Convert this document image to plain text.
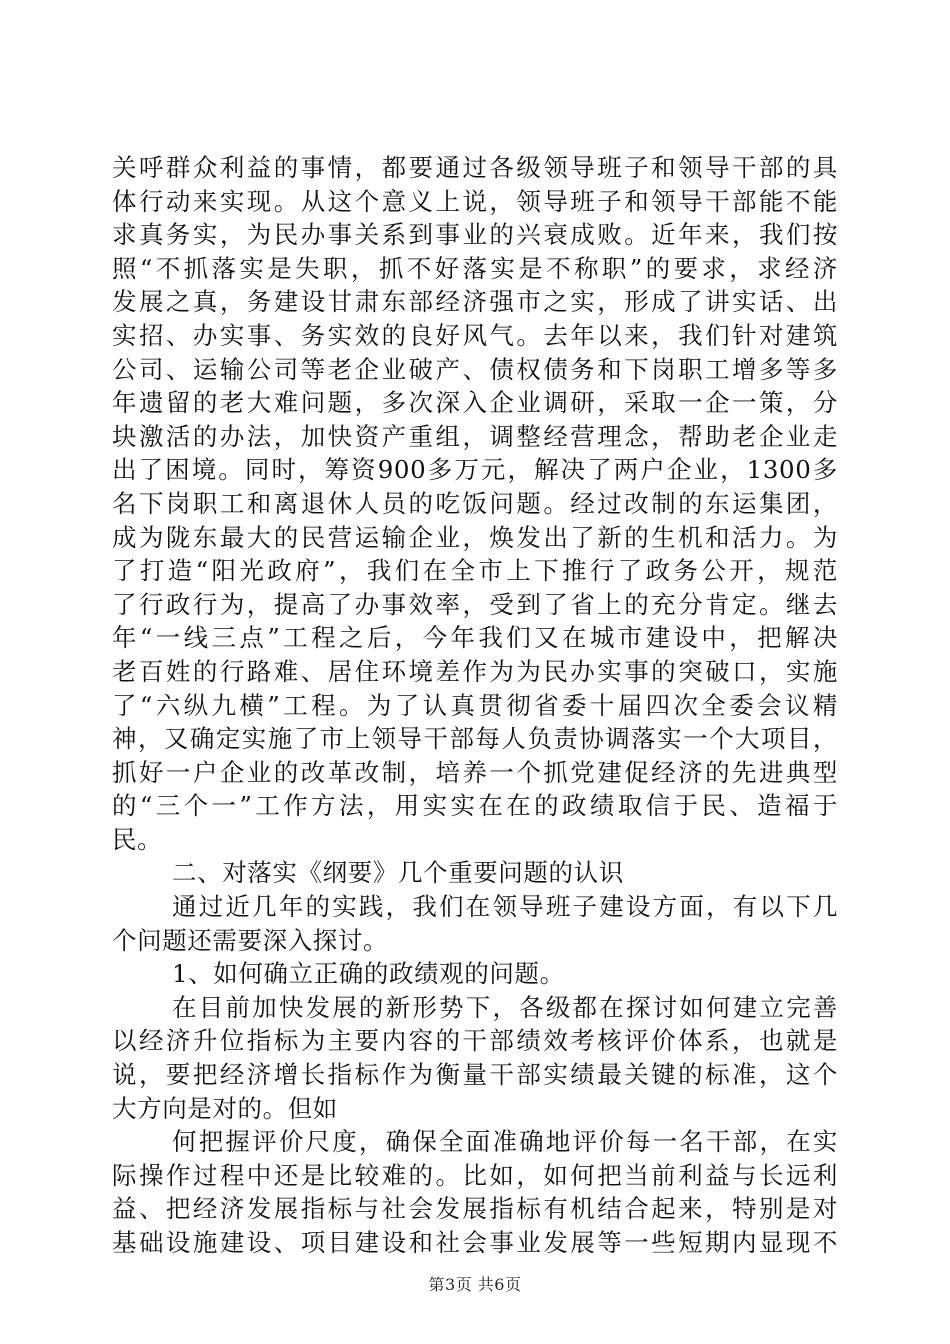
关呼群众利益的事情，都要通过各级领导班子和领导干部的具
体行动来实现。从这个意义上说，领导班子和领导干部能不能
求真务实，为民办事关系到事业的兴衰成败。近年来，我们按
照“不抓落实是失职，抓不好落实是不称职”的要求，求经济
发展之真，务建设甘肃东部经济强市之实，形成了讲实话、出
实招、办实事、务实效的良好风气。去年以来，我们针对建筑
公司、运输公司等老企业破产、债权债务和下岗职工增多等多
年遗留的老大难问题，多次深入企业调研，采取一企一策，分
块激活的办法，加快资产重组，调整经营理念，帮助老企业走
出了困境。同时，筹资900多万元，解决了两户企业，1300多
名下岗职工和离退休人员的吃饭问题。经过改制的东运集团，
成为陇东最大的民营运输企业，焕发出了新的生机和活力。为
了打造“阳光政府”，我们在全市上下推行了政务公开，规范
了行政行为，提高了办事效率，受到了省上的充分肯定。继去
年“一线三点”工程之后，今年我们又在城市建设中，把解决
老百姓的行路难、居住环境差作为为民办实事的突破口，实施
了“六纵九横”工程。为了认真贯彻省委十届四次全委会议精
神，又确定实施了市上领导干部每人负责协调落实一个大项目，
抓好一户企业的改革改制，培养一个抓党建促经济的先进典型
的“三个一”工作方法，用实实在在的政绩取信于民、造福于
民。
二、对落实《纲要》几个重要问题的认识
通过近几年的实践，我们在领导班子建设方面，有以下几
个问题还需要深入探讨。
1、如何确立正确的政绩观的问题。
在目前加快发展的新形势下，各级都在探讨如何建立完善
以经济升位指标为主要内容的干部绩效考核评价体系，也就是
说，要把经济增长指标作为衡量干部实绩最关键的标准，这个
大方向是对的。但如
何把握评价尺度，确保全面准确地评价每一名干部，在实
际操作过程中还是比较难的。比如，如何把当前利益与长远利
益、把经济发展指标与社会发展指标有机结合起来，特别是对
基础设施建设、项目建设和社会事业发展等一些短期内显现不
第3页 共6页
